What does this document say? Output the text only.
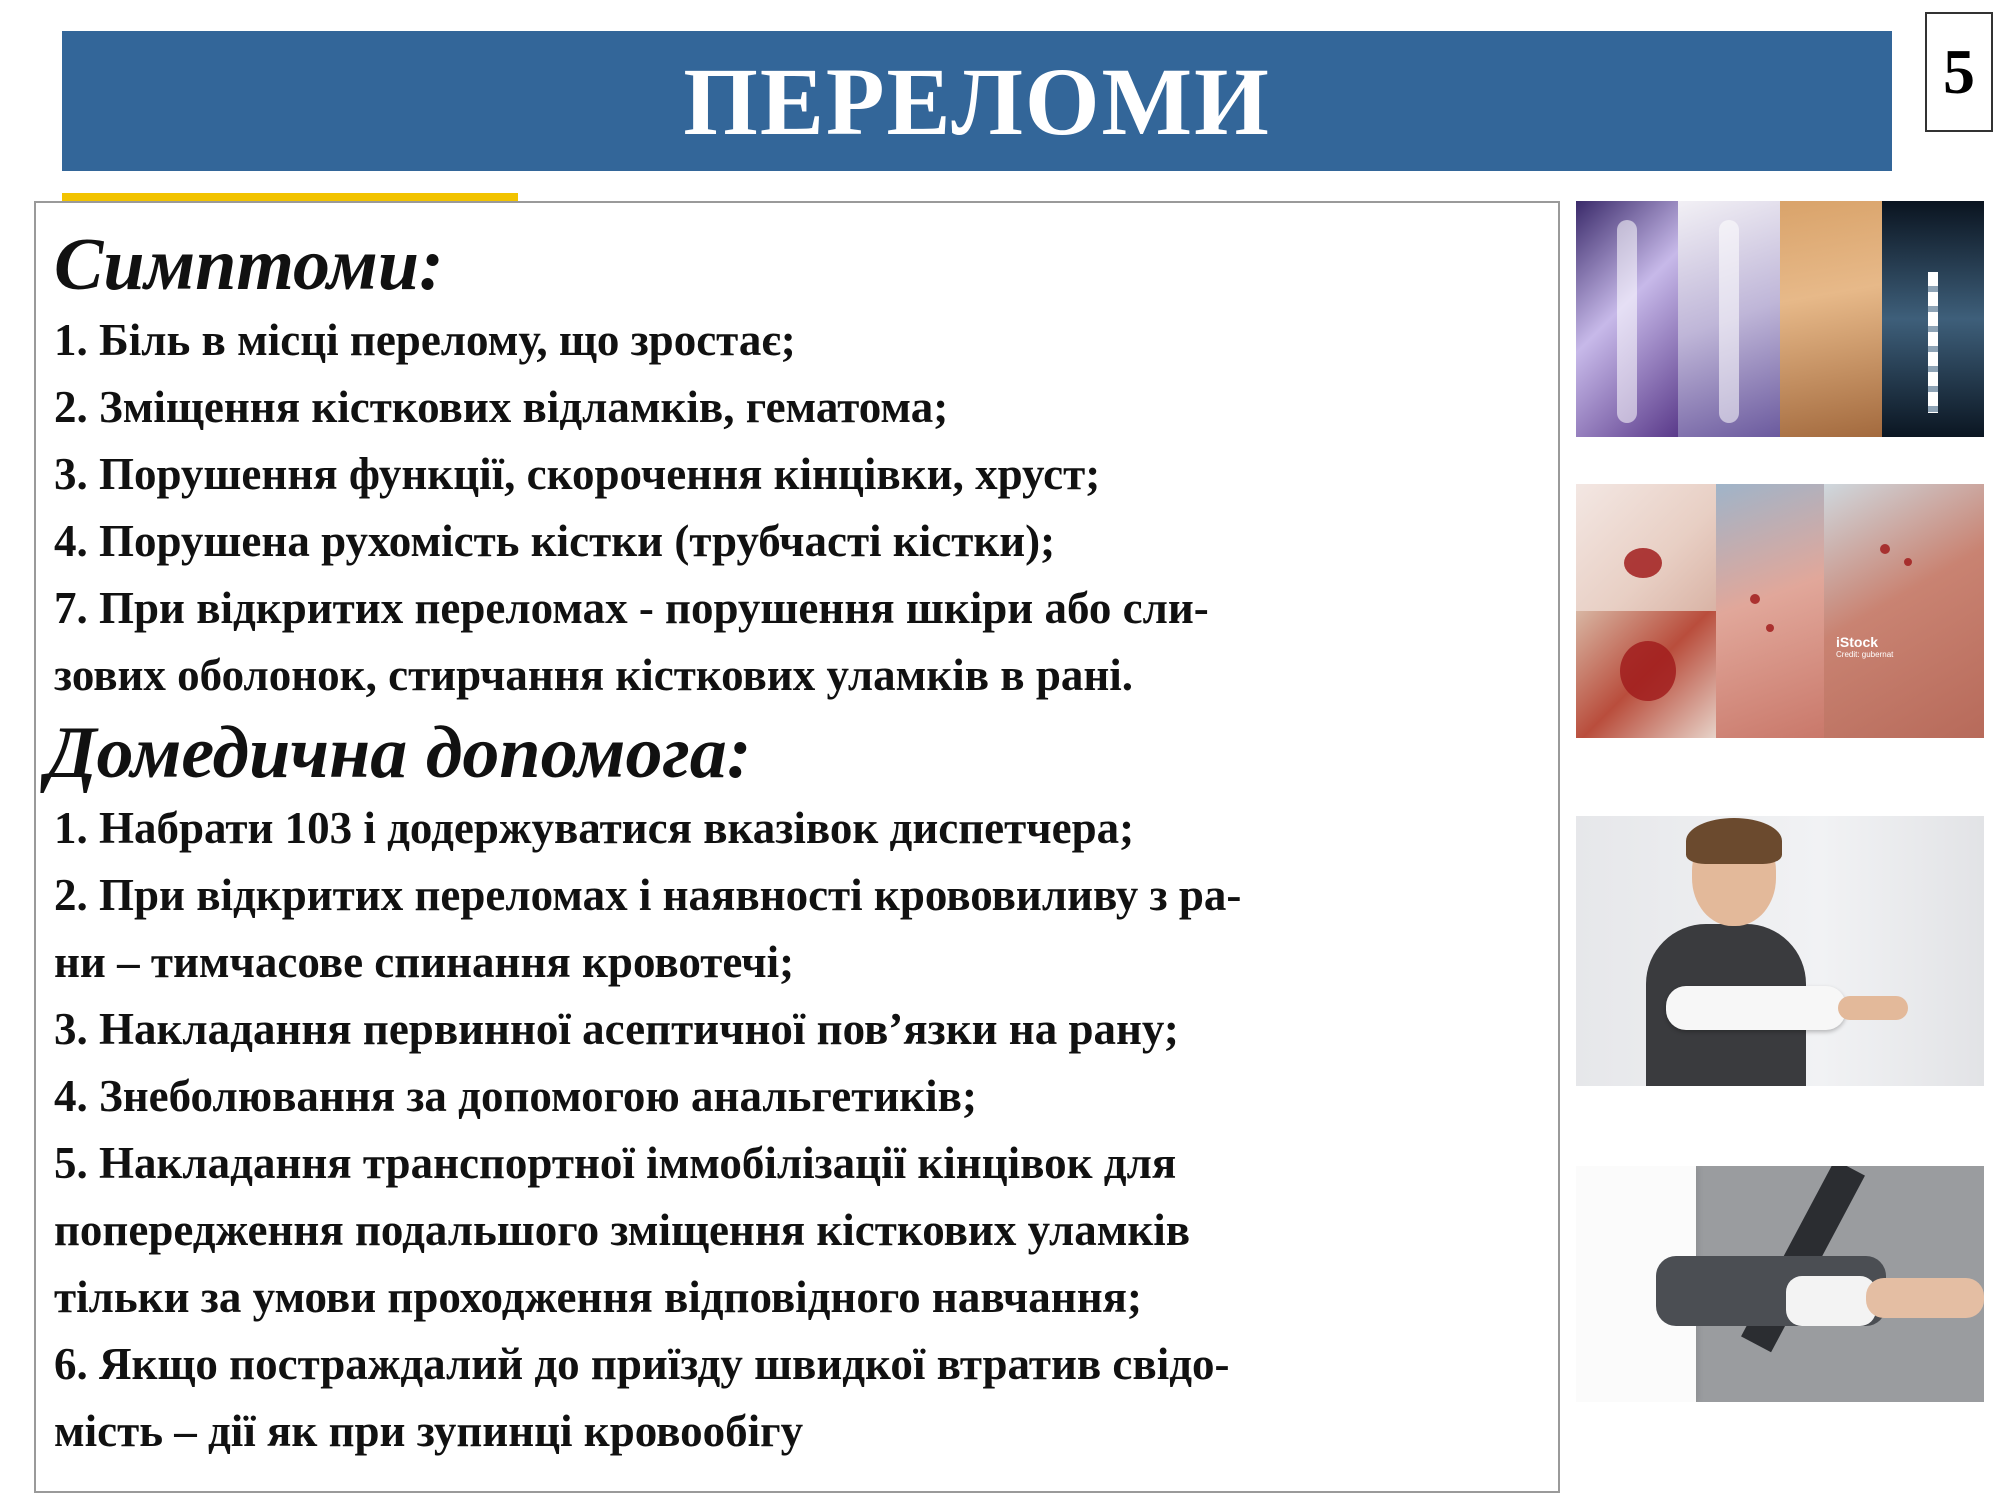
ПЕРЕЛОМИ	5
Симптоми:
1. Біль в місці перелому, що зростає;
2. Зміщення кісткових відламків, гематома;
3. Порушення функції, скорочення кінцівки, хруст;
4. Порушена рухомість кістки (трубчасті кістки);
7. При відкритих переломах - порушення шкіри або сли-
зових оболонок, стирчання кісткових уламків в рані.
Домедична допомога:
1. Набрати 103 і додержуватися вказівок диспетчера;
2. При відкритих переломах і наявності крововиливу з ра-
ни – тимчасове спинання кровотечі;
3. Накладання первинної асептичної пов’язки на рану;
4. Знеболювання за допомогою анальгетиків;
5. Накладання транспортної іммобілізації кінцівок для
попередження подальшого зміщення кісткових уламків
тільки за умови проходження відповідного навчання;
6. Якщо постраждалий до приїзду швидкої втратив свідо-
мість – дії як при зупинці кровообігу
iStock
Credit: gubernat
